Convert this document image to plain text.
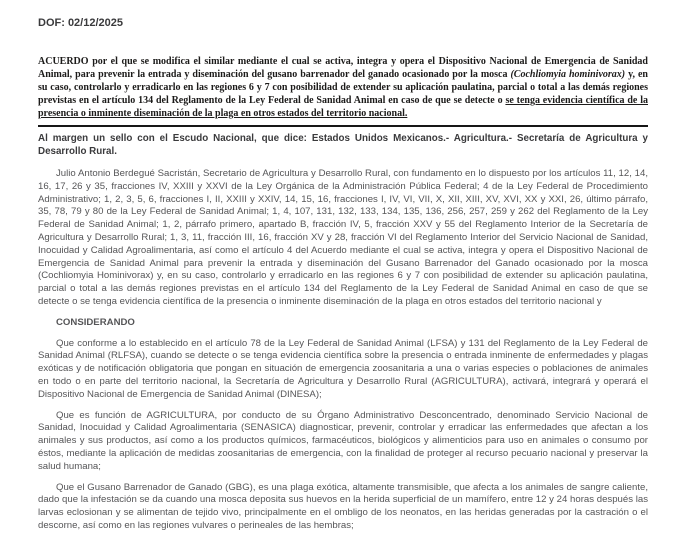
DOF: 02/12/2025

ACUERDO por el que se modifica el similar mediante el cual se activa, integra y opera el Dispositivo Nacional de Emergencia de Sanidad Animal, para prevenir la entrada y diseminación del gusano barrenador del ganado ocasionado por la mosca (Cochliomyia hominivorax) y, en su caso, controlarlo y erradicarlo en las regiones 6 y 7 con posibilidad de extender su aplicación paulatina, parcial o total a las demás regiones previstas en el artículo 134 del Reglamento de la Ley Federal de Sanidad Animal en caso de que se detecte o se tenga evidencia científica de la presencia o inminente diseminación de la plaga en otros estados del territorio nacional.

Al margen un sello con el Escudo Nacional, que dice: Estados Unidos Mexicanos.- Agricultura.- Secretaría de Agricultura y Desarrollo Rural.

Julio Antonio Berdegué Sacristán, Secretario de Agricultura y Desarrollo Rural, con fundamento en lo dispuesto por los artículos 11, 12, 14, 16, 17, 26 y 35, fracciones IV, XXIII y XXVI de la Ley Orgánica de la Administración Pública Federal; 4 de la Ley Federal de Procedimiento Administrativo; 1, 2, 3, 5, 6, fracciones I, II, XXIII y XXIV, 14, 15, 16, fracciones I, IV, VI, VII, X, XII, XIII, XV, XVI, XX y XXI, 26, último párrafo, 35, 78, 79 y 80 de la Ley Federal de Sanidad Animal; 1, 4, 107, 131, 132, 133, 134, 135, 136, 256, 257, 259 y 262 del Reglamento de la Ley Federal de Sanidad Animal; 1, 2, párrafo primero, apartado B, fracción IV, 5, fracción XXV y 55 del Reglamento Interior de la Secretaría de Agricultura y Desarrollo Rural; 1, 3, 11, fracción III, 16, fracción XV y 28, fracción VI del Reglamento Interior del Servicio Nacional de Sanidad, Inocuidad y Calidad Agroalimentaria, así como el artículo 4 del Acuerdo mediante el cual se activa, integra y opera el Dispositivo Nacional de Emergencia de Sanidad Animal para prevenir la entrada y diseminación del Gusano Barrenador del Ganado ocasionado por la mosca (Cochliomyia Hominivorax) y, en su caso, controlarlo y erradicarlo en las regiones 6 y 7 con posibilidad de extender su aplicación paulatina, parcial o total a las demás regiones previstas en el artículo 134 del Reglamento de la Ley Federal de Sanidad Animal en caso de que se detecte o se tenga evidencia científica de la presencia o inminente diseminación de la plaga en otros estados del territorio nacional y

CONSIDERANDO

Que conforme a lo establecido en el artículo 78 de la Ley Federal de Sanidad Animal (LFSA) y 131 del Reglamento de la Ley Federal de Sanidad Animal (RLFSA), cuando se detecte o se tenga evidencia científica sobre la presencia o entrada inminente de enfermedades y plagas exóticas y de notificación obligatoria que pongan en situación de emergencia zoosanitaria a una o varias especies o poblaciones de animales en todo o en parte del territorio nacional, la Secretaría de Agricultura y Desarrollo Rural (AGRICULTURA), activará, integrará y operará el Dispositivo Nacional de Emergencia de Sanidad Animal (DINESA);

Que es función de AGRICULTURA, por conducto de su Órgano Administrativo Desconcentrado, denominado Servicio Nacional de Sanidad, Inocuidad y Calidad Agroalimentaria (SENASICA) diagnosticar, prevenir, controlar y erradicar las enfermedades que afectan a los animales y sus productos, así como a los productos químicos, farmacéuticos, biológicos y alimenticios para uso en animales o consumo por éstos, mediante la aplicación de medidas zoosanitarias de emergencia, con la finalidad de proteger al recurso pecuario nacional y preservar la salud humana;

Que el Gusano Barrenador de Ganado (GBG), es una plaga exótica, altamente transmisible, que afecta a los animales de sangre caliente, dado que la infestación se da cuando una mosca deposita sus huevos en la herida superficial de un mamífero, entre 12 y 24 horas después las larvas eclosionan y se alimentan de tejido vivo, principalmente en el ombligo de los neonatos, en las heridas generadas por la castración o el descorne, así como en las regiones vulvares o perineales de las hembras;
